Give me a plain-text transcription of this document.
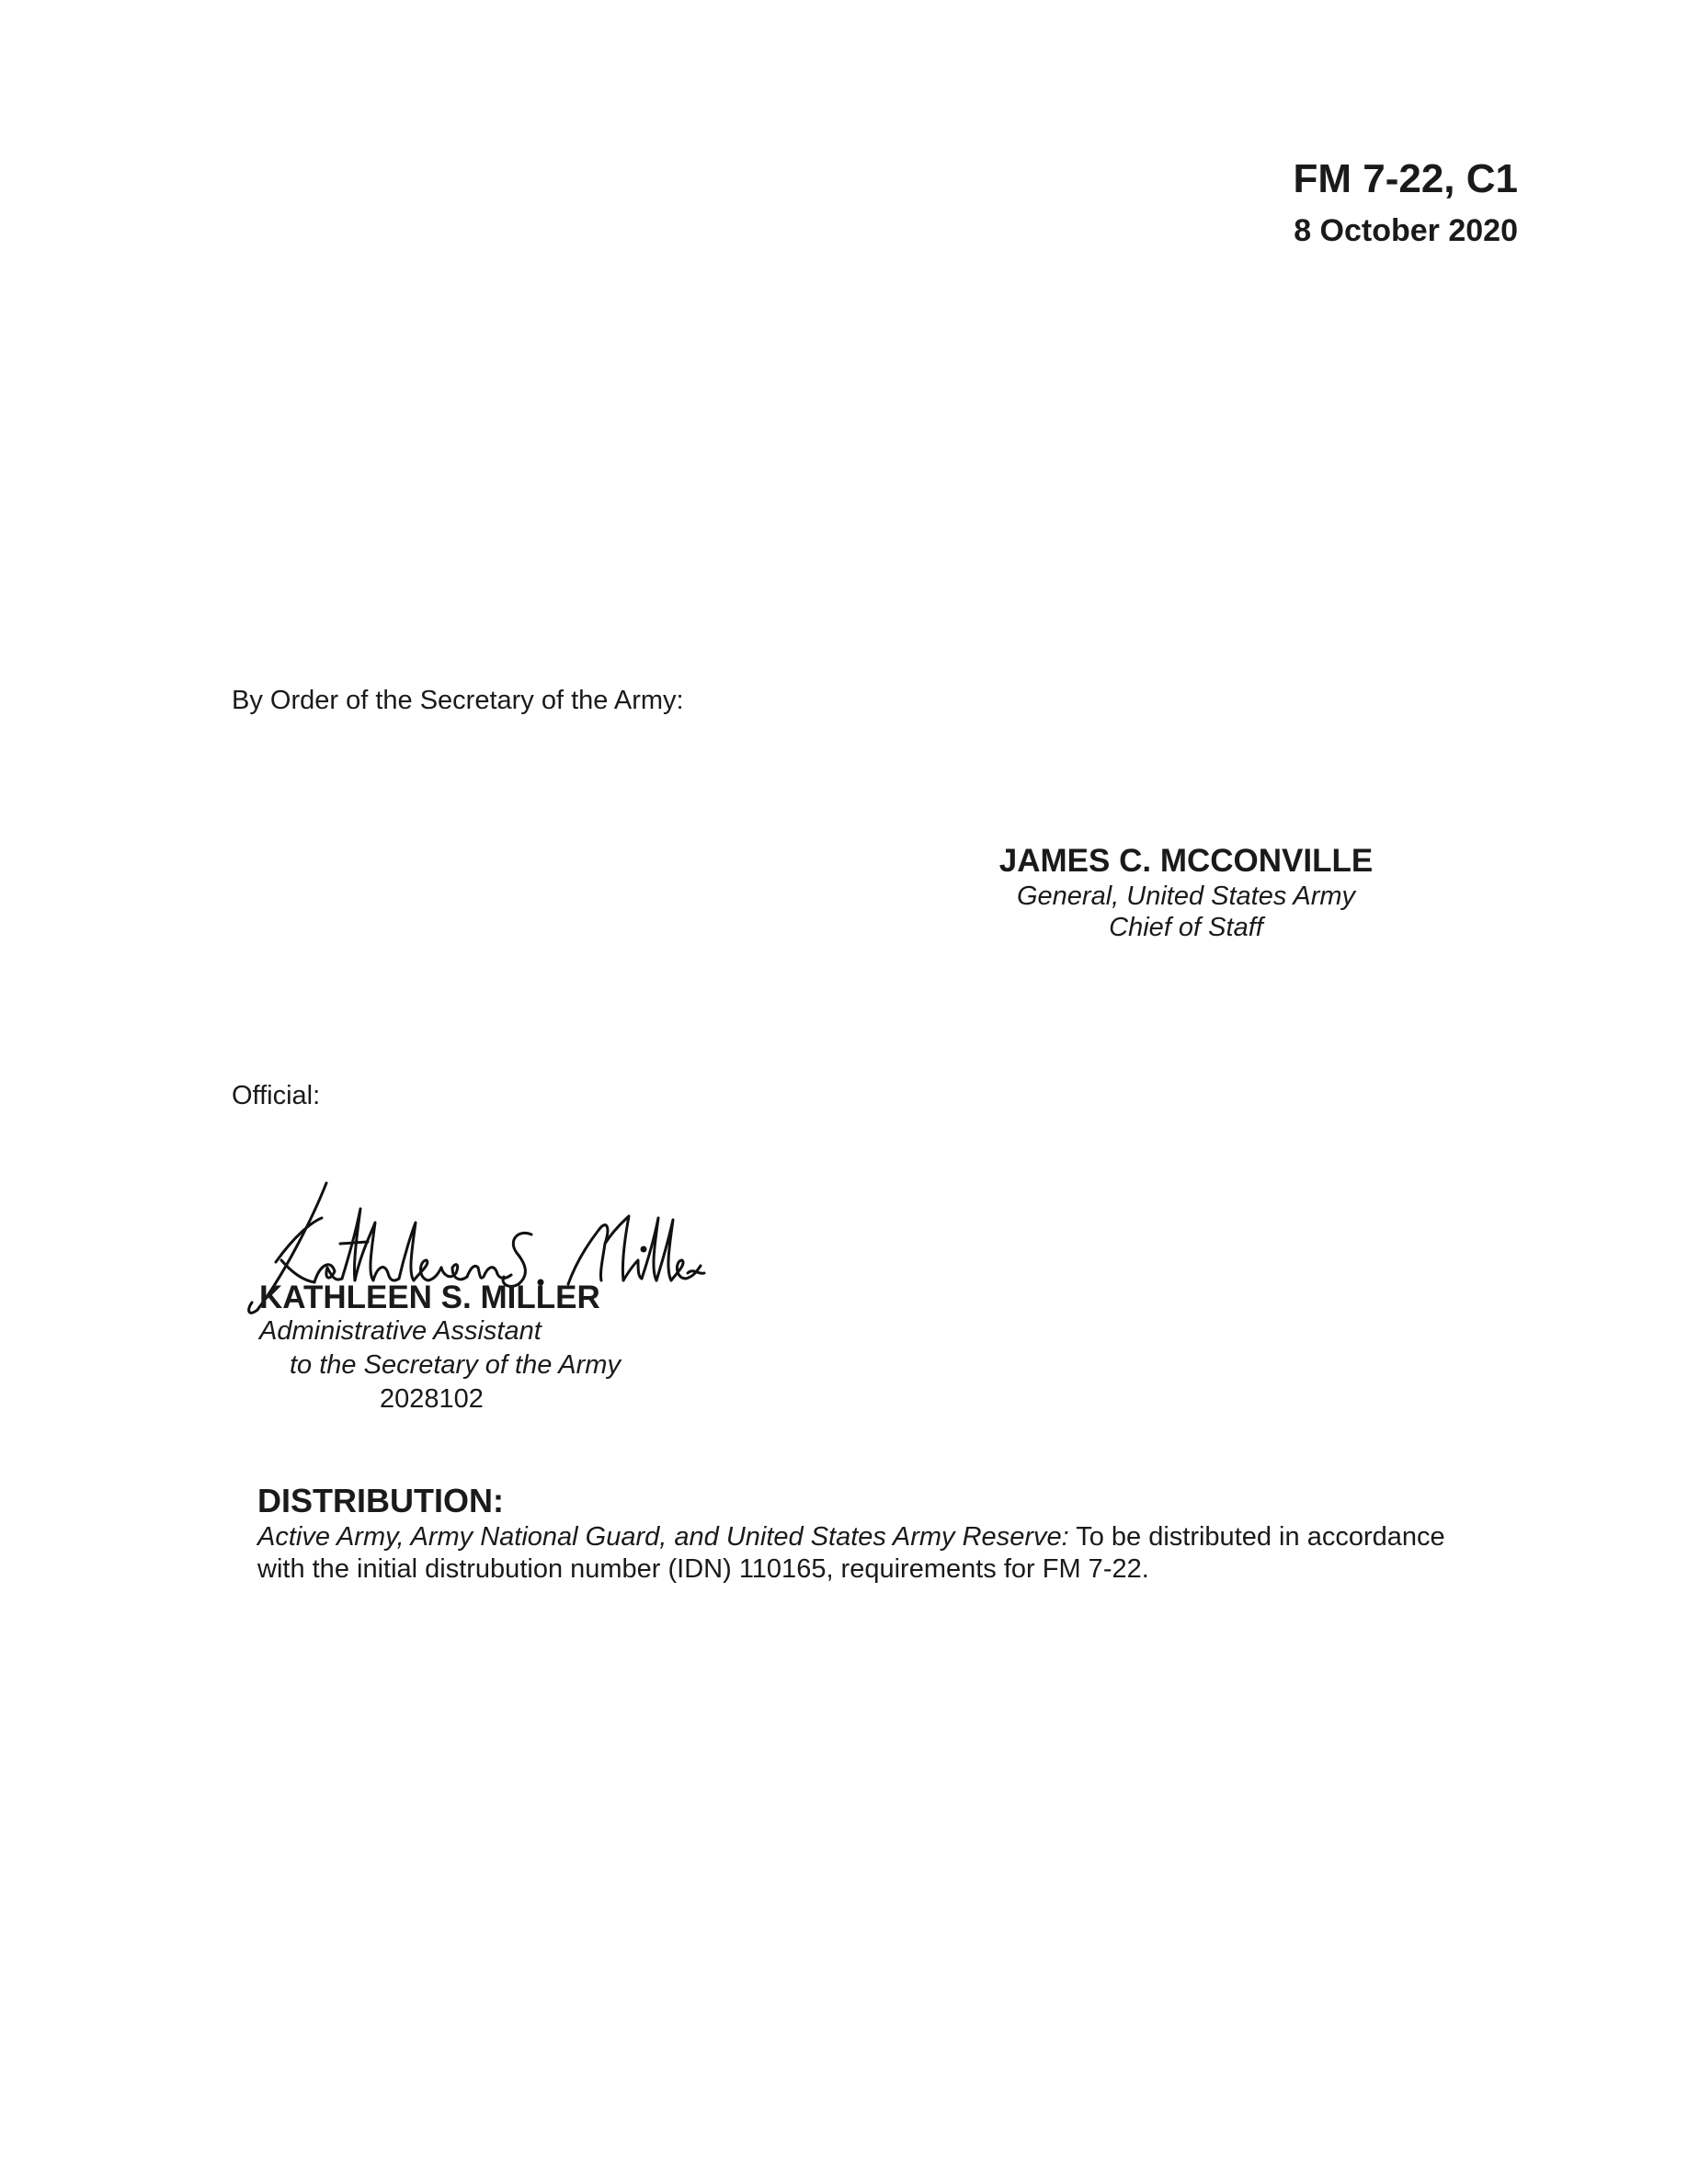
FM 7-22, C1
8 October 2020
By Order of the Secretary of the Army:
JAMES C. MCCONVILLE
General, United States Army
Chief of Staff
Official:
KATHLEEN S. MILLER
Administrative Assistant
to the Secretary of the Army
2028102
DISTRIBUTION:
Active Army, Army National Guard, and United States Army Reserve: To be distributed in accordance with the initial distrubution number (IDN) 110165, requirements for FM 7-22.
